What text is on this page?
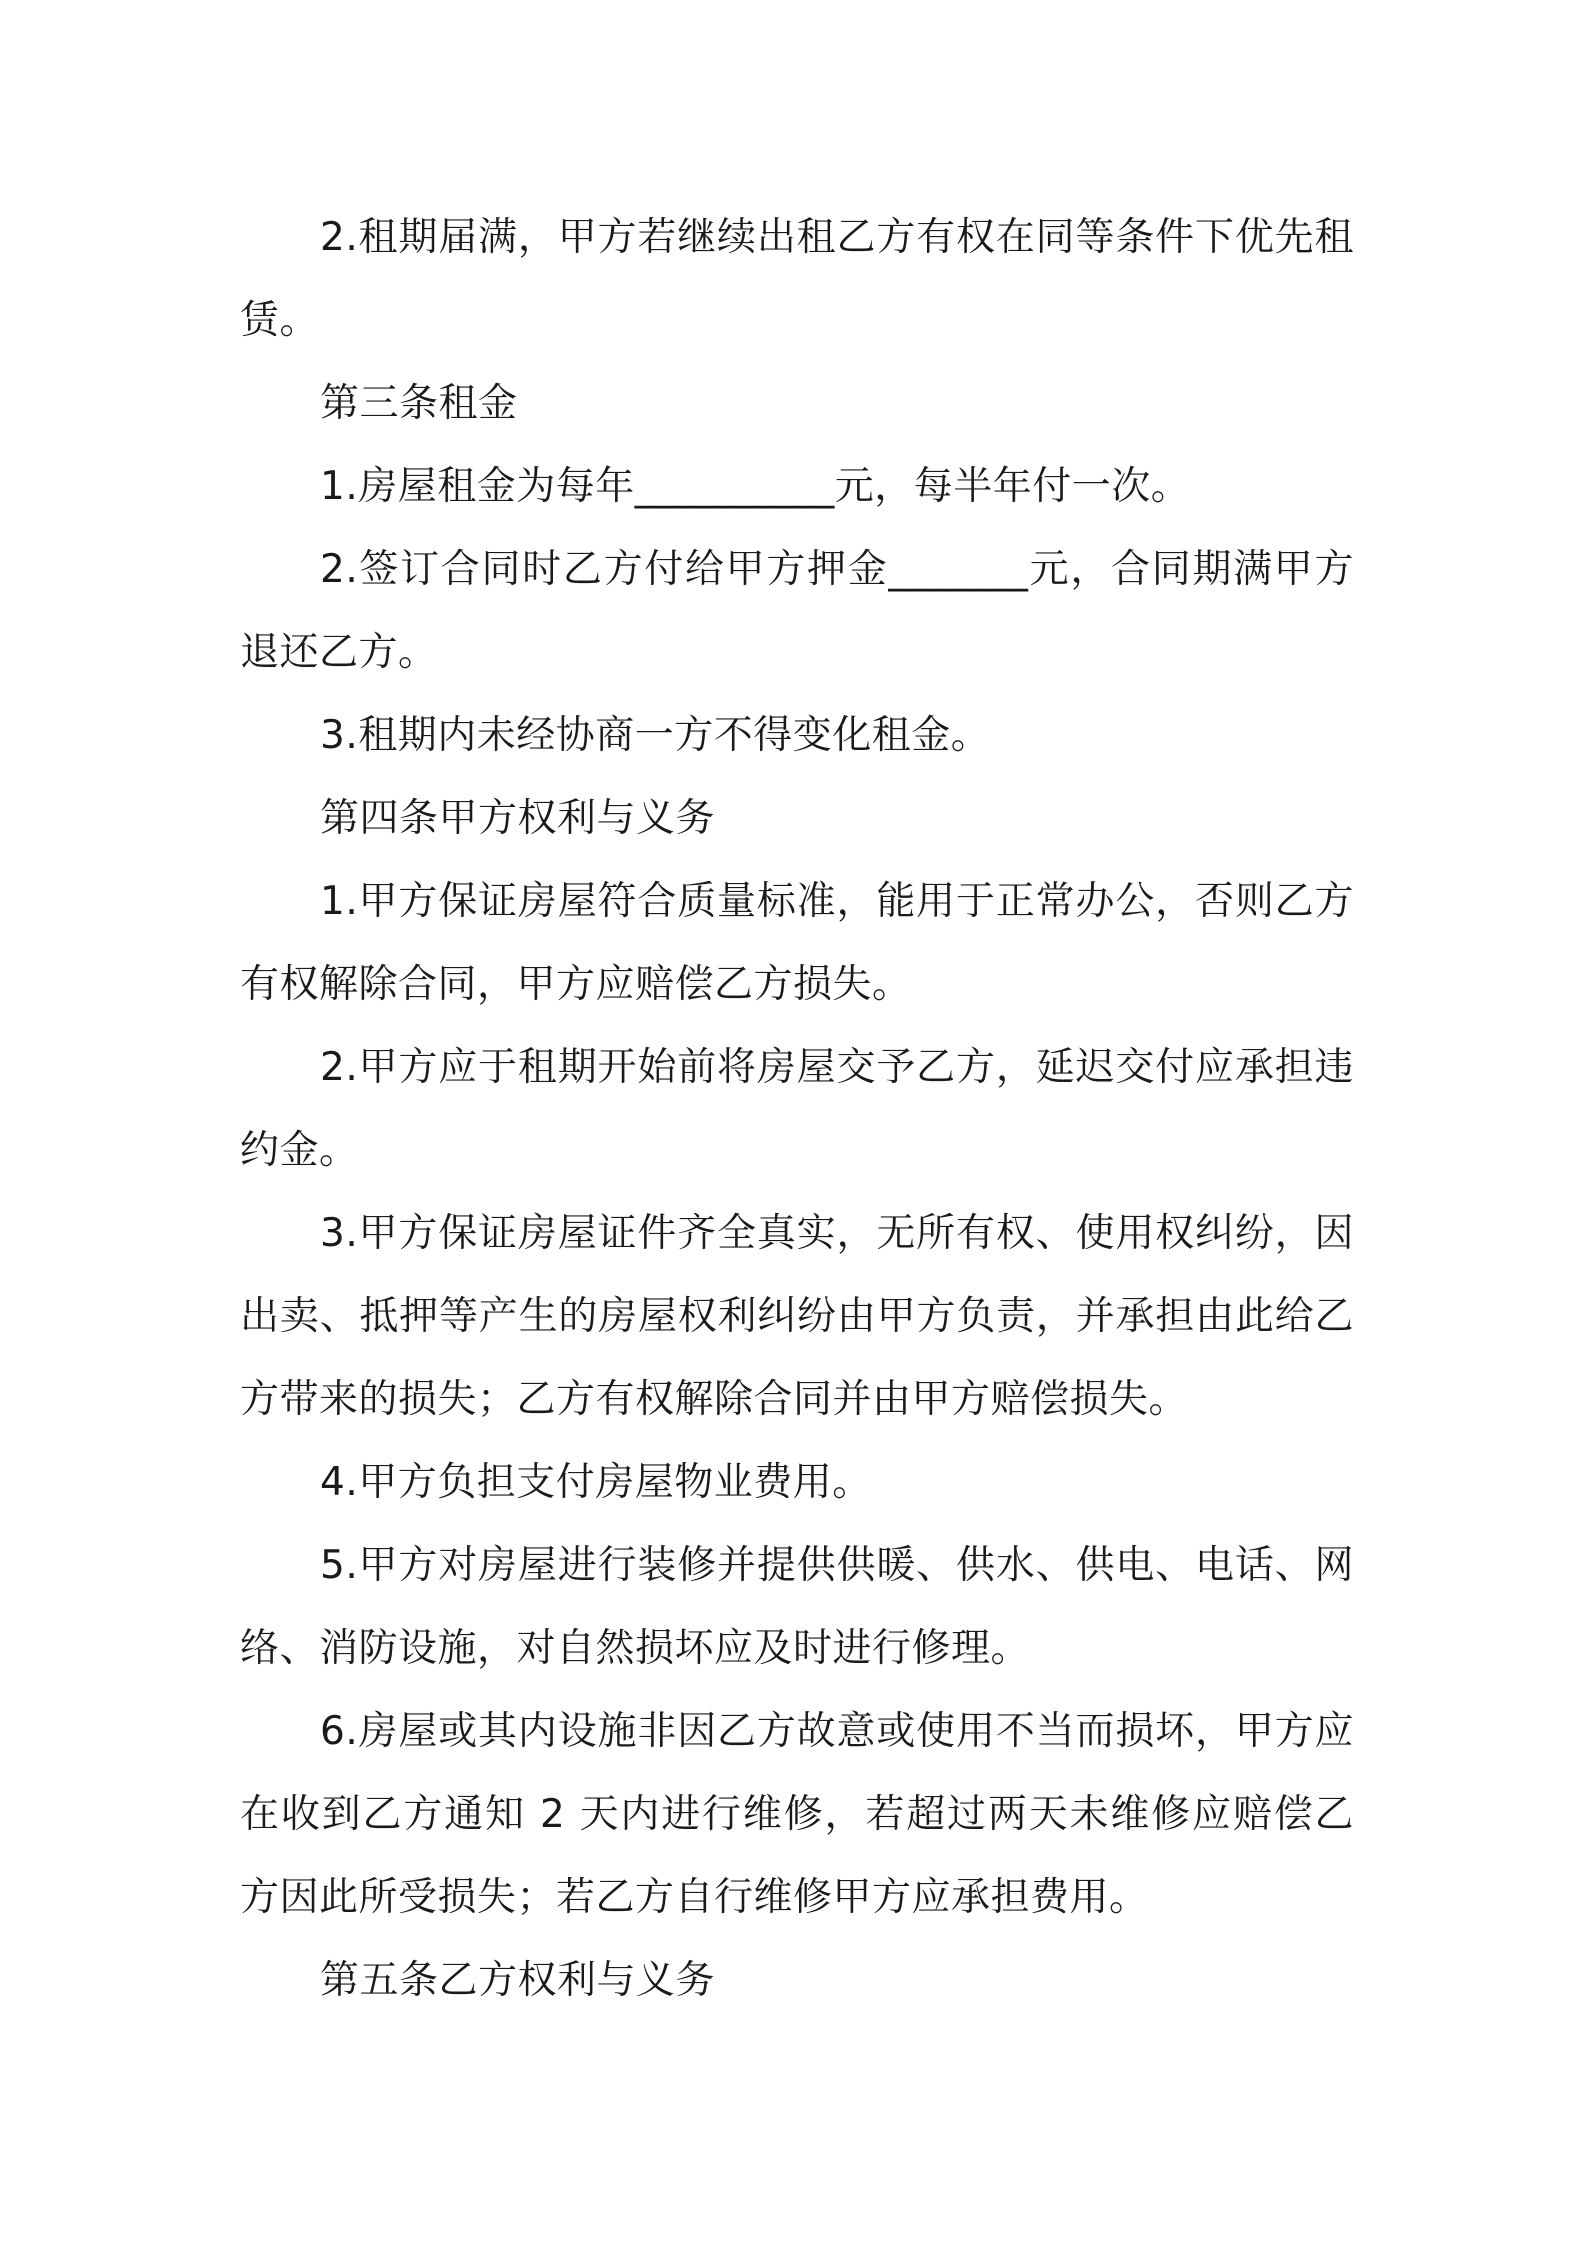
2.租期届满，甲方若继续出租乙方有权在同等条件下优先租赁。

第三条租金

1.房屋租金为每年__________元，每半年付一次。

2.签订合同时乙方付给甲方押金_______元，合同期满甲方退还乙方。

3.租期内未经协商一方不得变化租金。

第四条甲方权利与义务

1.甲方保证房屋符合质量标准，能用于正常办公，否则乙方有权解除合同，甲方应赔偿乙方损失。

2.甲方应于租期开始前将房屋交予乙方，延迟交付应承担违约金。

3.甲方保证房屋证件齐全真实，无所有权、使用权纠纷，因出卖、抵押等产生的房屋权利纠纷由甲方负责，并承担由此给乙方带来的损失；乙方有权解除合同并由甲方赔偿损失。

4.甲方负担支付房屋物业费用。

5.甲方对房屋进行装修并提供供暖、供水、供电、电话、网络、消防设施，对自然损坏应及时进行修理。

6.房屋或其内设施非因乙方故意或使用不当而损坏，甲方应在收到乙方通知 2 天内进行维修，若超过两天未维修应赔偿乙方因此所受损失；若乙方自行维修甲方应承担费用。

第五条乙方权利与义务
